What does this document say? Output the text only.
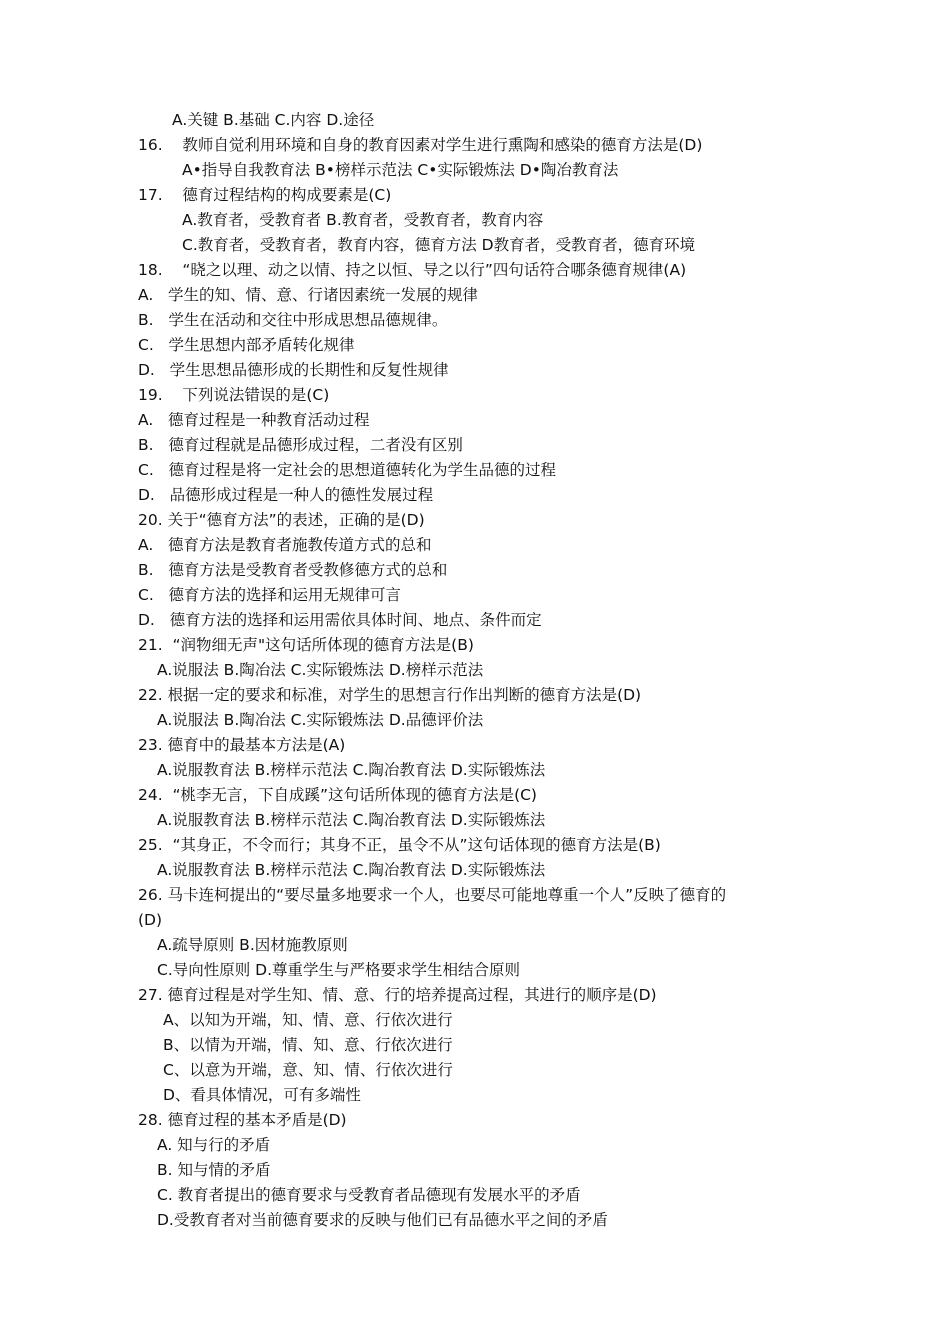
A.关键 B.基础 C.内容 D.途径
16.    教师自觉利用环境和自身的教育因素对学生进行熏陶和感染的德育方法是(D)
A•指导自我教育法 B•榜样示范法 C•实际锻炼法 D•陶冶教育法
17.    德育过程结构的构成要素是(C)
A.教育者，受教育者 B.教育者，受教育者，教育内容
C.教育者，受教育者，教育内容，德育方法 D教育者，受教育者，德育环境
18.    “晓之以理、动之以情、持之以恒、导之以行”四句话符合哪条德育规律(A)
A.   学生的知、情、意、行诸因素统一发展的规律
B.   学生在活动和交往中形成思想品德规律。
C.   学生思想内部矛盾转化规律
D.   学生思想品德形成的长期性和反复性规律
19.    下列说法错误的是(C)
A.   德育过程是一种教育活动过程
B.   德育过程就是品德形成过程，二者没有区别
C.   德育过程是将一定社会的思想道德转化为学生品德的过程
D.   品德形成过程是一种人的德性发展过程
20. 关于“德育方法”的表述，正确的是(D)
A.   德育方法是教育者施教传道方式的总和
B.   德育方法是受教育者受教修德方式的总和
C.   德育方法的选择和运用无规律可言
D.   德育方法的选择和运用需依具体时间、地点、条件而定
21.  “润物细无声"这句话所体现的德育方法是(B)
A.说服法 B.陶冶法 C.实际锻炼法 D.榜样示范法
22. 根据一定的要求和标准，对学生的思想言行作出判断的德育方法是(D)
A.说服法 B.陶冶法 C.实际锻炼法 D.品德评价法
23. 德育中的最基本方法是(A)
A.说服教育法 B.榜样示范法 C.陶冶教育法 D.实际锻炼法
24.  “桃李无言，下自成蹊”这句话所体现的德育方法是(C)
A.说服教育法 B.榜样示范法 C.陶冶教育法 D.实际锻炼法
25.  “其身正，不令而行；其身不正，虽令不从”这句话体现的德育方法是(B)
A.说服教育法 B.榜样示范法 C.陶冶教育法 D.实际锻炼法
26. 马卡连柯提出的“要尽量多地要求一个人，也要尽可能地尊重一个人”反映了德育的
(D)
A.疏导原则 B.因材施教原则
C.导向性原则 D.尊重学生与严格要求学生相结合原则
27. 德育过程是对学生知、情、意、行的培养提高过程，其进行的顺序是(D)
A、以知为开端，知、情、意、行依次进行
B、以情为开端，情、知、意、行依次进行
C、以意为开端，意、知、情、行依次进行
D、看具体情况，可有多端性
28. 德育过程的基本矛盾是(D)
A. 知与行的矛盾
B. 知与情的矛盾
C. 教育者提出的德育要求与受教育者品德现有发展水平的矛盾
D.受教育者对当前德育要求的反映与他们已有品德水平之间的矛盾
